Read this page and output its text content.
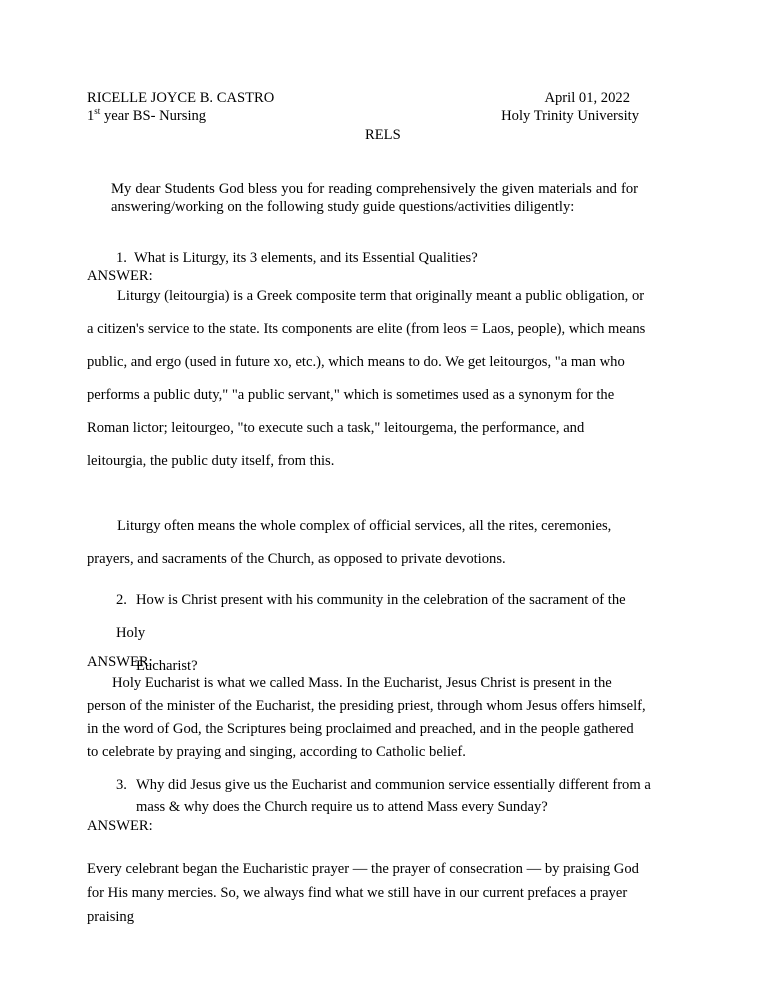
RICELLE JOYCE B. CASTRO

1st year BS- Nursing

April 01, 2022

Holy Trinity University

RELS

My dear Students God bless you for reading comprehensively the given materials and for answering/working on the following study guide questions/activities diligently:

1. What is Liturgy, its 3 elements, and its Essential Qualities?

ANSWER:

Liturgy (leitourgia) is a Greek composite term that originally meant a public obligation, or a citizen's service to the state. Its components are elite (from leos = Laos, people), which means public, and ergo (used in future xo, etc.), which means to do. We get leitourgos, "a man who performs a public duty," "a public servant," which is sometimes used as a synonym for the Roman lictor; leitourgeo, "to execute such a task," leitourgema, the performance, and leitourgia, the public duty itself, from this.

Liturgy often means the whole complex of official services, all the rites, ceremonies, prayers, and sacraments of the Church, as opposed to private devotions.

2. How is Christ present with his community in the celebration of the sacrament of the Holy
Eucharist?

ANSWER:

Holy Eucharist is what we called Mass. In the Eucharist, Jesus Christ is present in the person of the minister of the Eucharist, the presiding priest, through whom Jesus offers himself, in the word of God, the Scriptures being proclaimed and preached, and in the people gathered to celebrate by praying and singing, according to Catholic belief.

3. Why did Jesus give us the Eucharist and communion service essentially different from a
mass & why does the Church require us to attend Mass every Sunday?

ANSWER:

Every celebrant began the Eucharistic prayer — the prayer of consecration — by praising God for His many mercies. So, we always find what we still have in our current prefaces a prayer praising
